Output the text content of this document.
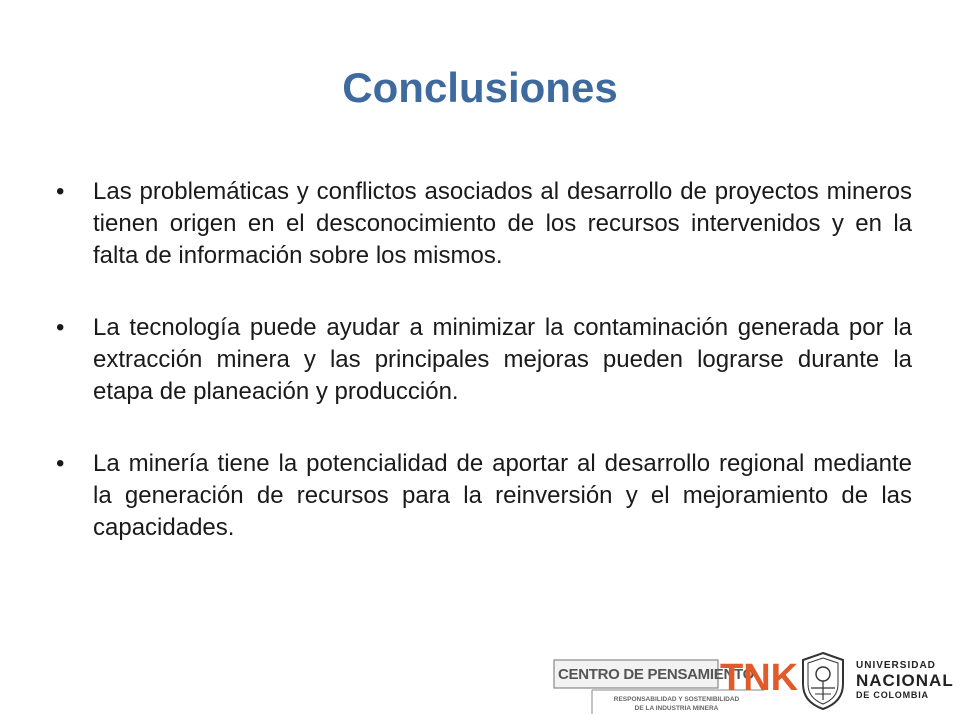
Conclusiones
•	Las problemáticas y conflictos asociados al desarrollo de proyectos mineros tienen origen en el desconocimiento de los recursos intervenidos y en la falta de información sobre los mismos.
•	La tecnología puede ayudar a minimizar la contaminación generada por la extracción minera y las principales mejoras pueden lograrse durante la etapa de planeación y producción.
•	La minería tiene la potencialidad de aportar al desarrollo regional mediante la generación de recursos para la reinversión y el mejoramiento de las capacidades.
CENTRO DE PENSAMIENTO
RESPONSABILIDAD Y SOSTENIBILIDAD
DE LA INDUSTRIA MINERA
TNK	UNIVERSIDAD
NACIONAL
DE COLOMBIA
